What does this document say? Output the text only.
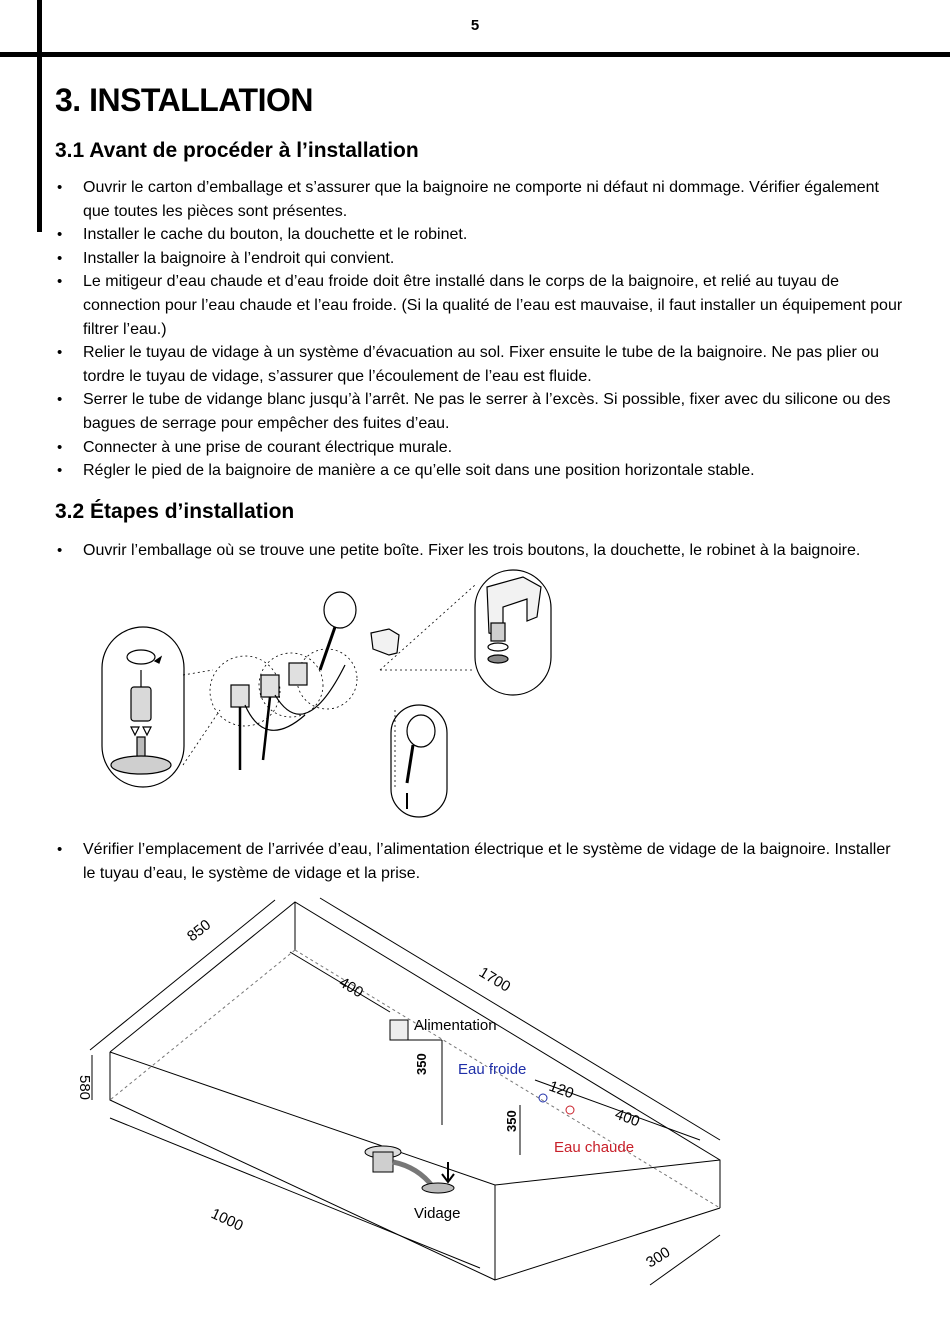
5
3. INSTALLATION
3.1 Avant de procéder à l’installation
• Ouvrir le carton d’emballage et s’assurer que la baignoire ne comporte ni défaut ni dommage. Vérifier également que toutes les pièces sont présentes.
• Installer le cache du bouton, la douchette et le robinet.
• Installer la baignoire à l’endroit qui convient.
• Le mitigeur d’eau chaude et d’eau froide doit être installé dans le corps de la baignoire, et relié au tuyau de connection pour l’eau chaude et l’eau froide. (Si la qualité de l’eau est mauvaise, il faut installer un équipement pour filtrer l’eau.)
• Relier le tuyau de vidage à un système d’évacuation au sol. Fixer ensuite le tube de la baignoire. Ne pas plier ou tordre le tuyau de vidage, s’assurer que l’écoulement de l’eau est fluide.
• Serrer le tube de vidange blanc jusqu’à l’arrêt. Ne pas le serrer à l’excès. Si possible, fixer avec du silicone ou des bagues de serrage pour empêcher des fuites d’eau.
• Connecter à une prise de courant électrique murale.
• Régler le pied de la baignoire de manière a ce qu’elle soit dans une position horizontale stable.
3.2 Étapes d’installation
• Ouvrir l’emballage où se trouve une petite boîte. Fixer les trois boutons, la douchette, le robinet à la baignoire.
• Vérifier l’emplacement de l’arrivée d’eau, l’alimentation électrique et le système de vidage de la baignoire. Installer le tuyau d’eau, le système de vidage et la prise.
850
400	1700
580
350
350
120
400
1000
300
Alimentation
Eau froide
Eau chaude
Vidage
